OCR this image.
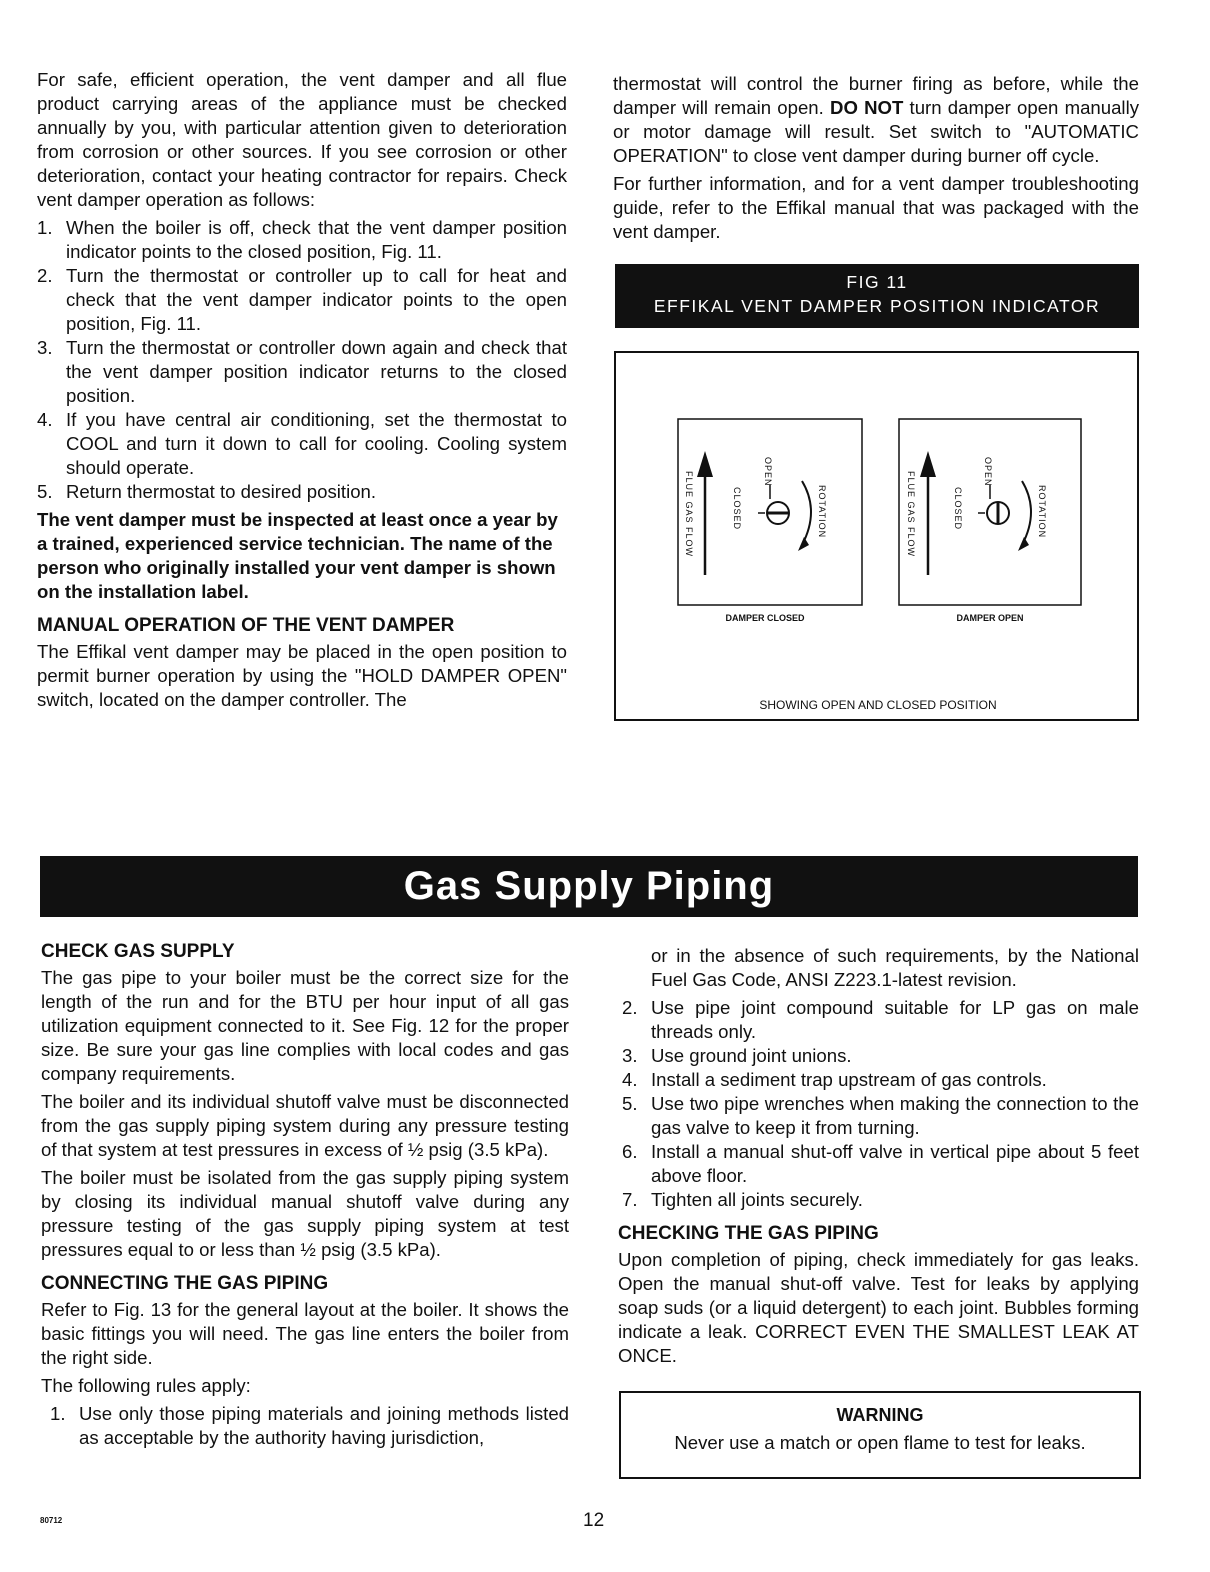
For safe, efficient operation, the vent damper and all flue product carrying areas of the appliance must be checked annually by you, with particular attention given to deterioration from corrosion or other sources. If you see corrosion or other deterioration, contact your heating contractor for repairs. Check vent damper operation as follows:

1. When the boiler is off, check that the vent damper position indicator points to the closed position, Fig. 11.
2. Turn the thermostat or controller up to call for heat and check that the vent damper indicator points to the open position, Fig. 11.
3. Turn the thermostat or controller down again and check that the vent damper position indicator returns to the closed position.
4. If you have central air conditioning, set the thermostat to COOL and turn it down to call for cooling. Cooling system should operate.
5. Return thermostat to desired position.

The vent damper must be inspected at least once a year by a trained, experienced service technician. The name of the person who originally installed your vent damper is shown on the installation label.

MANUAL OPERATION OF THE VENT DAMPER

The Effikal vent damper may be placed in the open position to permit burner operation by using the "HOLD DAMPER OPEN" switch, located on the damper controller. The

thermostat will control the burner firing as before, while the damper will remain open. DO NOT turn damper open manually or motor damage will result. Set switch to "AUTOMATIC OPERATION" to close vent damper during burner off cycle.

For further information, and for a vent damper troubleshooting guide, refer to the Effikal manual that was packaged with the vent damper.

FIG 11
EFFIKAL VENT DAMPER POSITION INDICATOR
FLUE GAS FLOW	CLOSED
OPEN
ROTATION
DAMPER CLOSED
FLUE GAS FLOW	CLOSED
OPEN
ROTATION
DAMPER OPEN
SHOWING OPEN AND CLOSED POSITION
Gas Supply Piping
CHECK GAS SUPPLY

The gas pipe to your boiler must be the correct size for the length of the run and for the BTU per hour input of all gas utilization equipment connected to it. See Fig. 12 for the proper size. Be sure your gas line complies with local codes and gas company requirements.

The boiler and its individual shutoff valve must be disconnected from the gas supply piping system during any pressure testing of that system at test pressures in excess of ½ psig (3.5 kPa).

The boiler must be isolated from the gas supply piping system by closing its individual manual shutoff valve during any pressure testing of the gas supply piping system at test pressures equal to or less than ½ psig (3.5 kPa).

CONNECTING THE GAS PIPING

Refer to Fig. 13 for the general layout at the boiler. It shows the basic fittings you will need. The gas line enters the boiler from the right side.

The following rules apply:

1. Use only those piping materials and joining methods listed as acceptable by the authority having jurisdiction,

or in the absence of such requirements, by the National Fuel Gas Code, ANSI Z223.1-latest revision.

2. Use pipe joint compound suitable for LP gas on male threads only.
3. Use ground joint unions.
4. Install a sediment trap upstream of gas controls.
5. Use two pipe wrenches when making the connection to the gas valve to keep it from turning.
6. Install a manual shut-off valve in vertical pipe about 5 feet above floor.
7. Tighten all joints securely.
CHECKING THE GAS PIPING

Upon completion of piping, check immediately for gas leaks. Open the manual shut-off valve. Test for leaks by applying soap suds (or a liquid detergent) to each joint. Bubbles forming indicate a leak. CORRECT EVEN THE SMALLEST LEAK AT ONCE.

WARNING
Never use a match or open flame to test for leaks.
80712	12
